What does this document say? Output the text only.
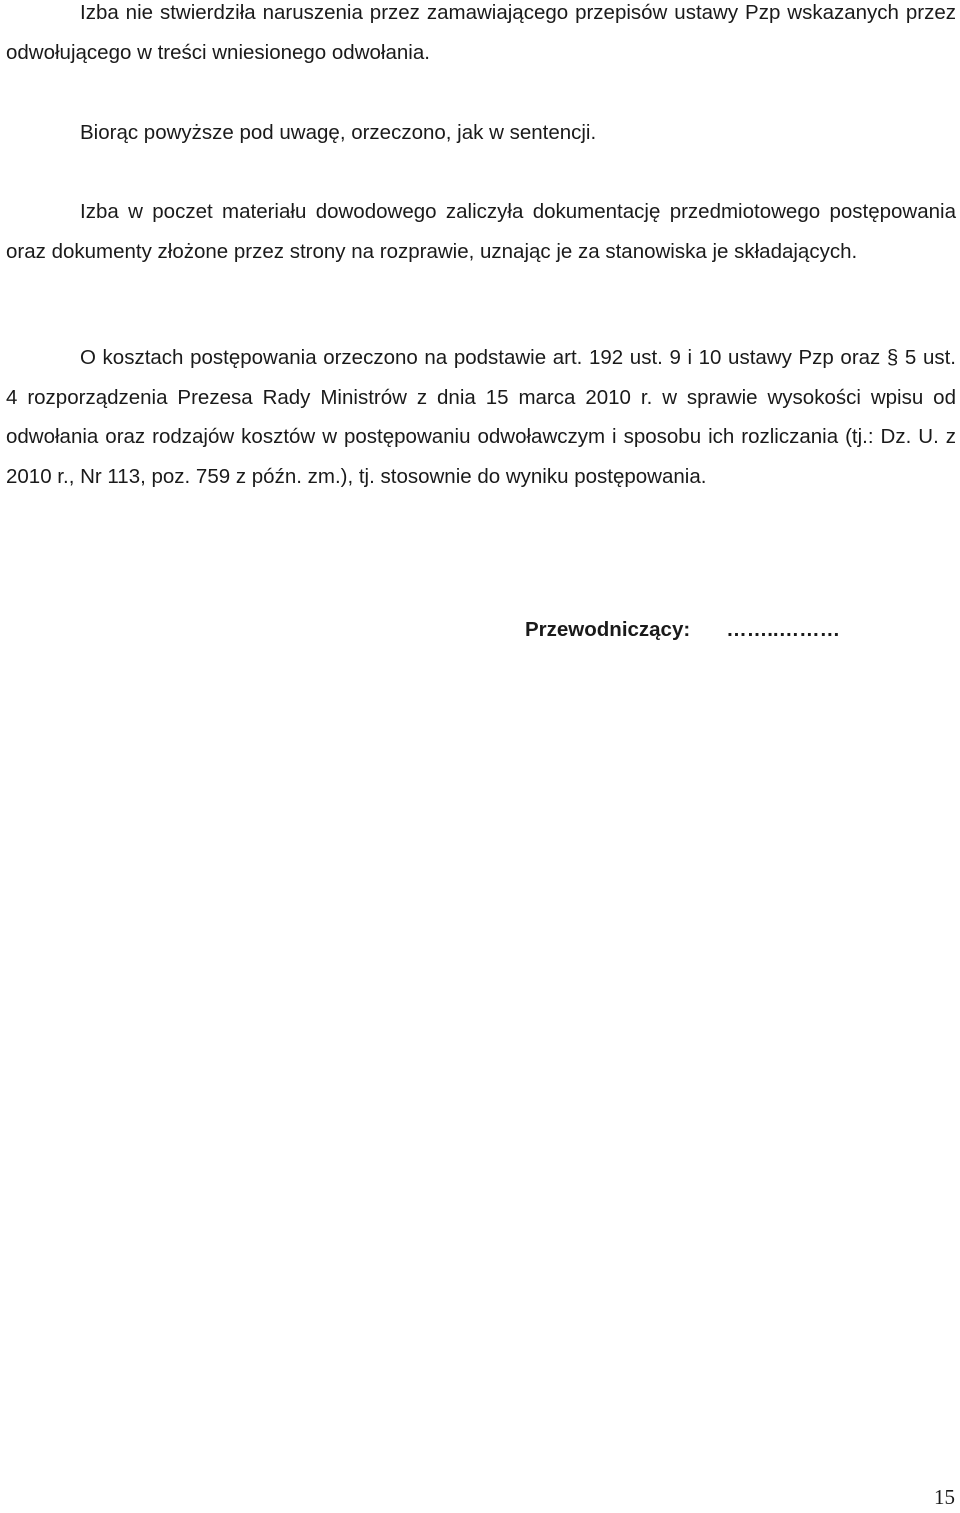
Izba nie stwierdziła naruszenia przez zamawiającego przepisów ustawy Pzp wskazanych przez odwołującego w treści wniesionego odwołania.

Biorąc powyższe pod uwagę, orzeczono, jak w sentencji.

Izba w poczet materiału dowodowego zaliczyła dokumentację przedmiotowego postępowania oraz dokumenty złożone przez strony na rozprawie, uznając je za stanowiska je składających.

O kosztach postępowania orzeczono na podstawie art. 192 ust. 9 i 10 ustawy Pzp oraz § 5 ust. 4 rozporządzenia Prezesa Rady Ministrów z dnia 15 marca 2010 r. w sprawie wysokości wpisu od odwołania oraz rodzajów kosztów w postępowaniu odwoławczym i sposobu ich rozliczania (tj.: Dz. U. z 2010 r., Nr 113, poz. 759 z późn. zm.), tj. stosownie do wyniku postępowania.

Przewodniczący: ……..………
15
